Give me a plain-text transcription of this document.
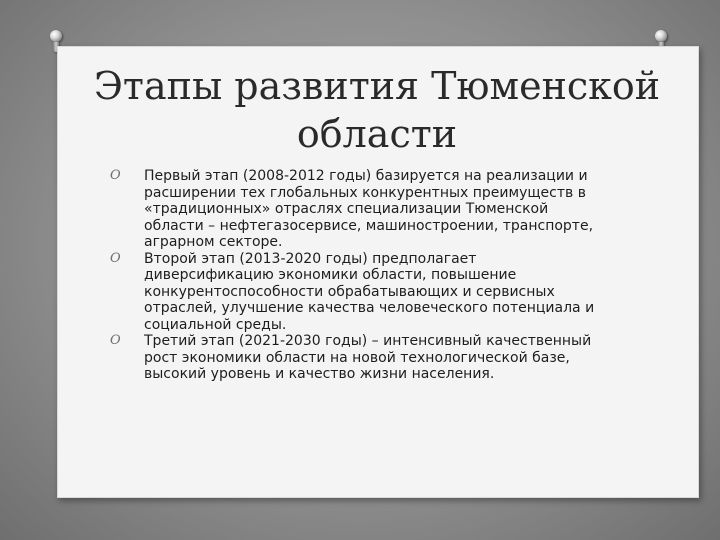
Этапы развития Тюменской области
O Первый этап (2008-2012 годы) базируется на реализации и расширении тех глобальных конкурентных преимуществ в «традиционных» отраслях специализации Тюменской области – нефтегазосервисе, машиностроении, транспорте, аграрном секторе.
O Второй этап (2013-2020 годы) предполагает диверсификацию экономики области, повышение конкурентоспособности обрабатывающих и сервисных отраслей, улучшение качества человеческого потенциала и социальной среды.
O Третий этап (2021-2030 годы) – интенсивный качественный рост экономики области на новой технологической базе, высокий уровень и качество жизни населения.
